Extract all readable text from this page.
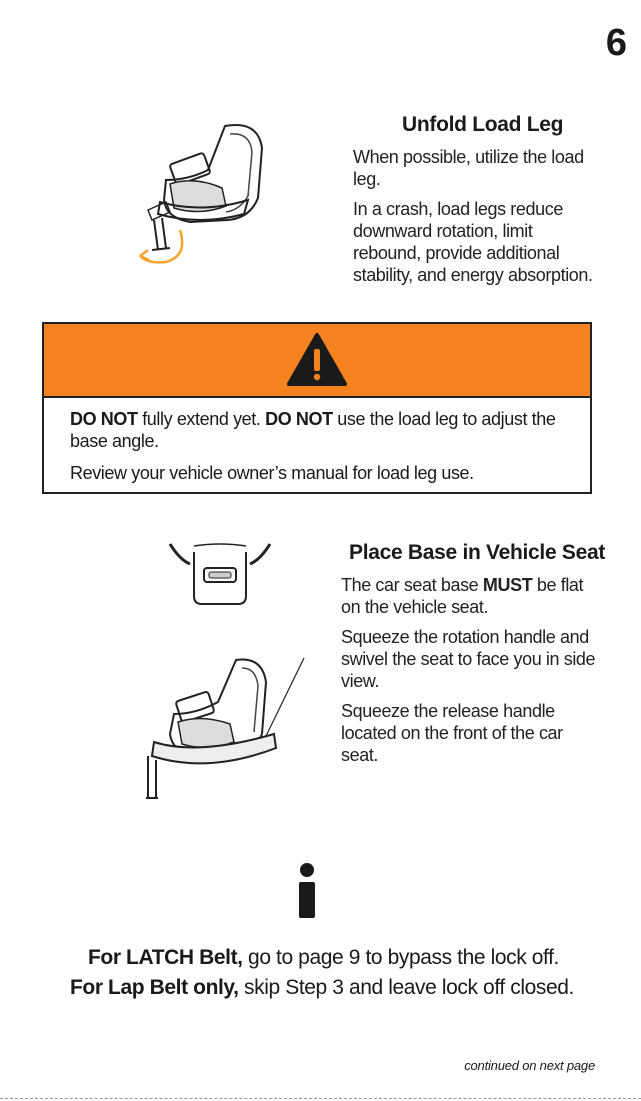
6
Unfold Load Leg

When possible, utilize the load leg.

In a crash, load legs reduce downward rotation, limit rebound, provide additional stability, and energy absorption.

DO NOT fully extend yet. DO NOT use the load leg to adjust the base angle.

Review your vehicle owner’s manual for load leg use.

Place Base in Vehicle Seat

The car seat base MUST be flat on the vehicle seat.

Squeeze the rotation handle and swivel the seat to face you in side view.

Squeeze the release handle located on the front of the car seat.

For LATCH Belt, go to page 9 to bypass the lock off.
For Lap Belt only, skip Step 3 and leave lock off closed.
continued on next page
